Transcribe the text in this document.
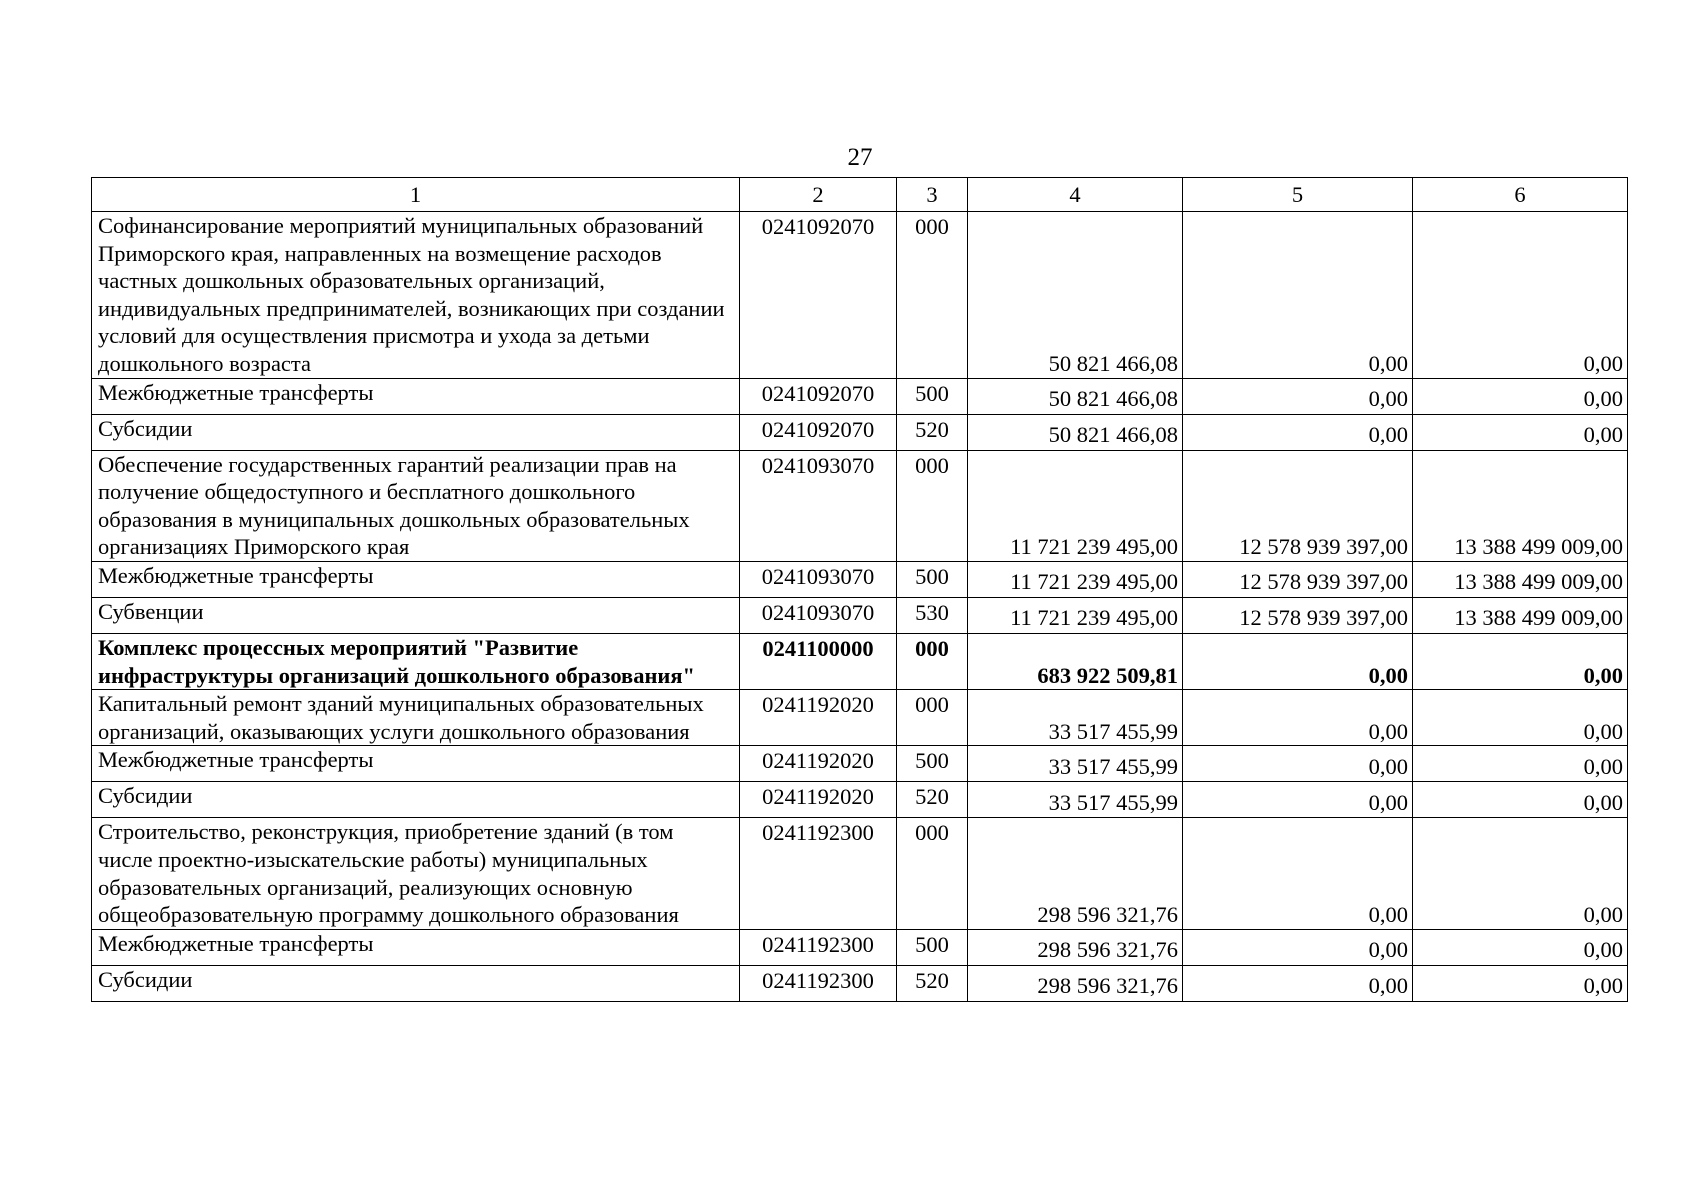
27
1	2	3	4	5	6
Софинансирование мероприятий муниципальных образований Приморского края, направленных на возмещение расходов частных дошкольных образовательных организаций, индивидуальных предпринимателей, возникающих при создании условий для осуществления присмотра и ухода за детьми дошкольного возраста	0241092070	000	50 821 466,08	0,00	0,00
Межбюджетные трансферты	0241092070	500	50 821 466,08	0,00	0,00
Субсидии	0241092070	520	50 821 466,08	0,00	0,00
Обеспечение государственных гарантий реализации прав на получение общедоступного и бесплатного дошкольного образования в муниципальных дошкольных образовательных организациях Приморского края	0241093070	000	11 721 239 495,00	12 578 939 397,00	13 388 499 009,00
Межбюджетные трансферты	0241093070	500	11 721 239 495,00	12 578 939 397,00	13 388 499 009,00
Субвенции	0241093070	530	11 721 239 495,00	12 578 939 397,00	13 388 499 009,00
Комплекс процессных мероприятий "Развитие инфраструктуры организаций дошкольного образования"	0241100000	000	683 922 509,81	0,00	0,00
Капитальный ремонт зданий муниципальных образовательных организаций, оказывающих услуги дошкольного образования	0241192020	000	33 517 455,99	0,00	0,00
Межбюджетные трансферты	0241192020	500	33 517 455,99	0,00	0,00
Субсидии	0241192020	520	33 517 455,99	0,00	0,00
Строительство, реконструкция, приобретение зданий (в том числе проектно-изыскательские работы) муниципальных образовательных организаций, реализующих основную общеобразовательную программу дошкольного образования	0241192300	000	298 596 321,76	0,00	0,00
Межбюджетные трансферты	0241192300	500	298 596 321,76	0,00	0,00
Субсидии	0241192300	520	298 596 321,76	0,00	0,00
